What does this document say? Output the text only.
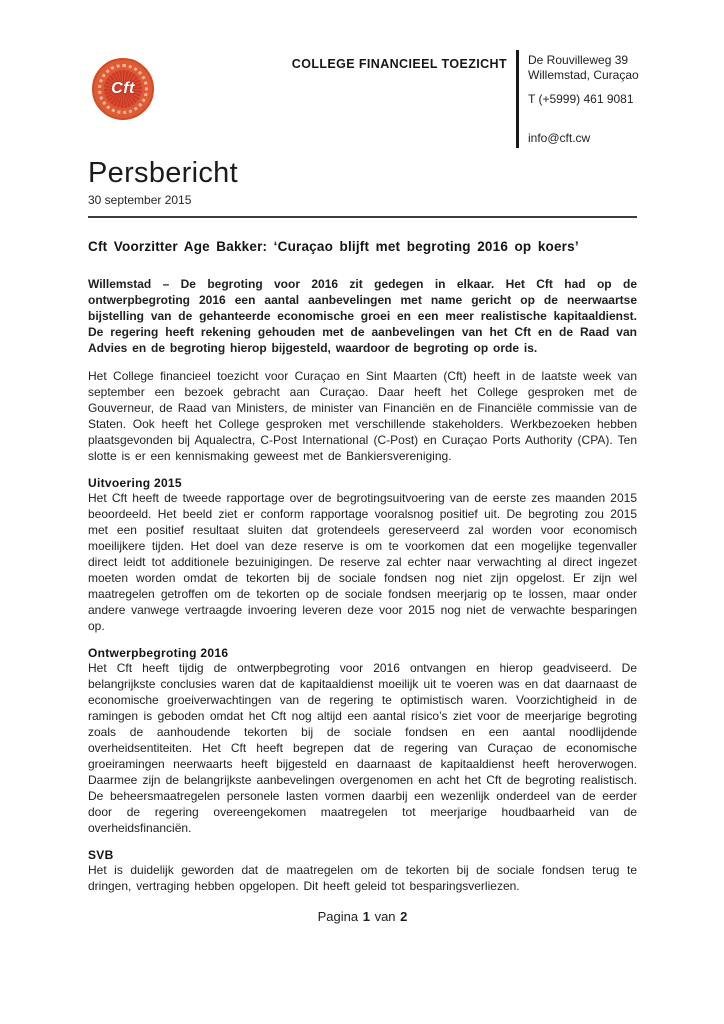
Cft
COLLEGE FINANCIEEL TOEZICHT De Rouvilleweg 39
Willemstad, Curaçao
T (+5999) 461 9081
info@cft.cw
Persbericht
30 september 2015
Cft Voorzitter Age Bakker: ‘Curaçao blijft met begroting 2016 op koers’

Willemstad – De begroting voor 2016 zit gedegen in elkaar. Het Cft had op de ontwerpbegroting 2016 een aantal aanbevelingen met name gericht op de neerwaartse bijstelling van de gehanteerde economische groei en een meer realistische kapitaaldienst. De regering heeft rekening gehouden met de aanbevelingen van het Cft en de Raad van Advies en de begroting hierop bijgesteld, waardoor de begroting op orde is.

Het College financieel toezicht voor Curaçao en Sint Maarten (Cft) heeft in de laatste week van september een bezoek gebracht aan Curaçao. Daar heeft het College gesproken met de Gouverneur, de Raad van Ministers, de minister van Financiën en de Financiële commissie van de Staten. Ook heeft het College gesproken met verschillende stakeholders. Werkbezoeken hebben plaatsgevonden bij Aqualectra, C-Post International (C-Post) en Curaçao Ports Authority (CPA). Ten slotte is er een kennismaking geweest met de Bankiersvereniging.

Uitvoering 2015

Het Cft heeft de tweede rapportage over de begrotingsuitvoering van de eerste zes maanden 2015 beoordeeld. Het beeld ziet er conform rapportage vooralsnog positief uit. De begroting zou 2015 met een positief resultaat sluiten dat grotendeels gereserveerd zal worden voor economisch moeilijkere tijden. Het doel van deze reserve is om te voorkomen dat een mogelijke tegenvaller direct leidt tot additionele bezuinigingen. De reserve zal echter naar verwachting al direct ingezet moeten worden omdat de tekorten bij de sociale fondsen nog niet zijn opgelost. Er zijn wel maatregelen getroffen om de tekorten op de sociale fondsen meerjarig op te lossen, maar onder andere vanwege vertraagde invoering leveren deze voor 2015 nog niet de verwachte besparingen op.

Ontwerpbegroting 2016

Het Cft heeft tijdig de ontwerpbegroting voor 2016 ontvangen en hierop geadviseerd. De belangrijkste conclusies waren dat de kapitaaldienst moeilijk uit te voeren was en dat daarnaast de economische groeiverwachtingen van de regering te optimistisch waren. Voorzichtigheid in de ramingen is geboden omdat het Cft nog altijd een aantal risico’s ziet voor de meerjarige begroting zoals de aanhoudende tekorten bij de sociale fondsen en een aantal noodlijdende overheidsentiteiten. Het Cft heeft begrepen dat de regering van Curaçao de economische groeiramingen neerwaarts heeft bijgesteld en daarnaast de kapitaaldienst heeft heroverwogen. Daarmee zijn de belangrijkste aanbevelingen overgenomen en acht het Cft de begroting realistisch. De beheersmaatregelen personele lasten vormen daarbij een wezenlijk onderdeel van de eerder door de regering overeengekomen maatregelen tot meerjarige houdbaarheid van de overheidsfinanciën.

SVB

Het is duidelijk geworden dat de maatregelen om de tekorten bij de sociale fondsen terug te dringen, vertraging hebben opgelopen. Dit heeft geleid tot besparingsverliezen.

Pagina 1 van 2
